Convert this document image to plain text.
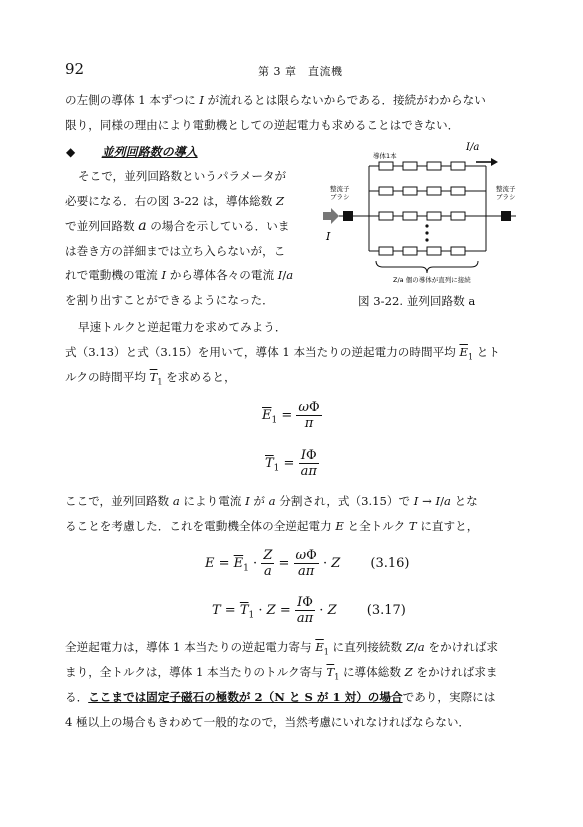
92	第 3 章　直流機
の左側の導体 1 本ずつに I が流れるとは限らないからである．接続がわからない
限り，同様の理由により電動機としての逆起電力も求めることはできない．
◆ 並列回路数の導入
そこで，並列回路数というパラメータが
必要になる．右の図 3-22 は，導体総数 Z
で並列回路数 a の場合を示している．いま
は巻き方の詳細までは立ち入らないが，こ
れで電動機の電流 I から導体各々の電流 I/a
を割り出すことができるようになった．
導体1本
整流子ブラシ
整流子ブラシ
I
I/a
Z/a 個の導体が直列に接続
図 3-22. 並列回路数 a
早速トルクと逆起電力を求めてみよう．
式（3.13）と式（3.15）を用いて，導体 1 本当たりの逆起電力の時間平均 $\overline{E}_1$ とト
ルクの時間平均 $\overline{T}_1$ を求めると，
$\overline{E}_1 = \frac{\omega\Phi}{\pi}$
$\overline{T}_1 = \frac{I\Phi}{a\pi}$
ここで，並列回路数 a により電流 I が a 分割され，式（3.15）で I → I/a とな
ることを考慮した．これを電動機全体の全逆起電力 E と全トルク T に直すと，
$E = \overline{E}_1 \cdot \frac{Z}{a} = \frac{\omega\Phi}{a\pi} \cdot Z$ (3.16)
$T = \overline{T}_1 \cdot Z = \frac{I\Phi}{a\pi} \cdot Z$ (3.17)
全逆起電力は，導体 1 本当たりの逆起電力寄与 $\overline{E}_1$ に直列接続数 Z/a をかければ求
まり，全トルクは，導体 1 本当たりのトルク寄与 $\overline{T}_1$ に導体総数 Z をかければ求ま
る．ここまでは固定子磁石の極数が 2（N と S が 1 対）の場合であり，実際には
4 極以上の場合もきわめて一般的なので，当然考慮にいれなければならない．
